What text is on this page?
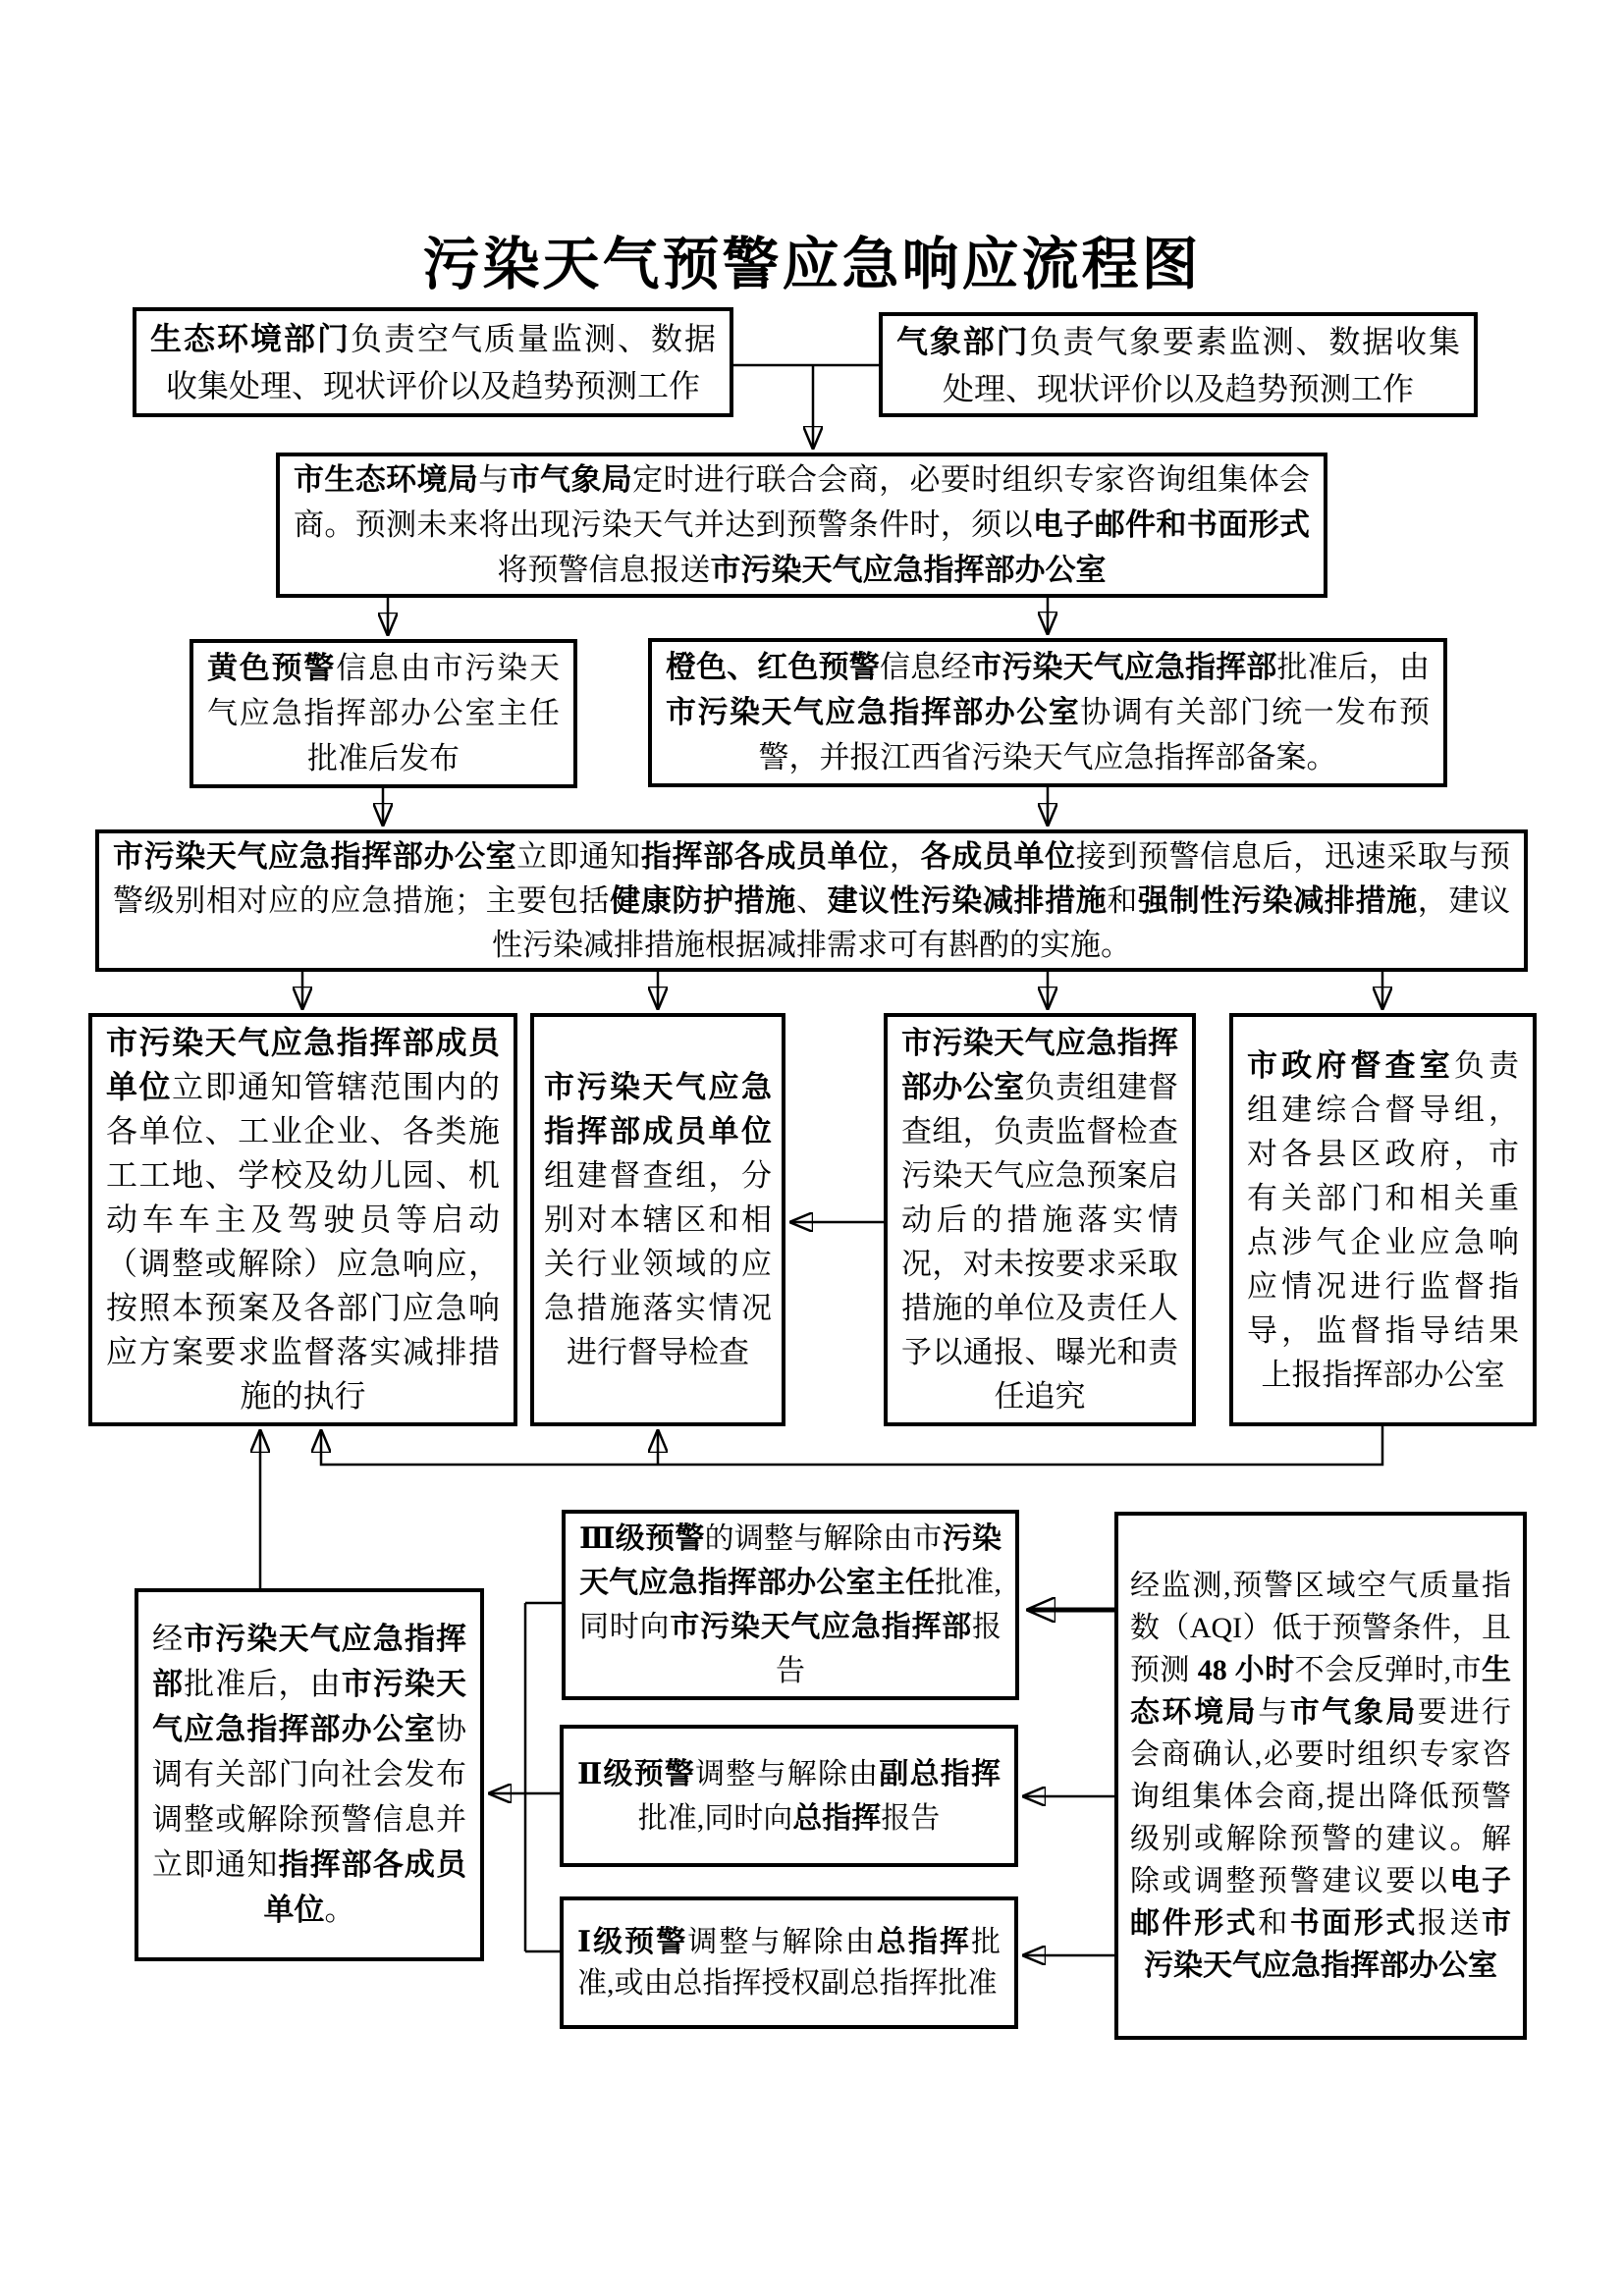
污染天气预警应急响应流程图
生态环境部门负责空气质量监测、数据收集处理、现状评价以及趋势预测工作
气象部门负责气象要素监测、数据收集处理、现状评价以及趋势预测工作
市生态环境局与市气象局定时进行联合会商，必要时组织专家咨询组集体会商。预测未来将出现污染天气并达到预警条件时，须以电子邮件和书面形式将预警信息报送市污染天气应急指挥部办公室
黄色预警信息由市污染天气应急指挥部办公室主任批准后发布
橙色、红色预警信息经市污染天气应急指挥部批准后，由市污染天气应急指挥部办公室协调有关部门统一发布预警，并报江西省污染天气应急指挥部备案。
市污染天气应急指挥部办公室立即通知指挥部各成员单位，各成员单位接到预警信息后，迅速采取与预警级别相对应的应急措施；主要包括健康防护措施、建议性污染减排措施和强制性污染减排措施，建议性污染减排措施根据减排需求可有斟酌的实施。
市污染天气应急指挥部成员单位立即通知管辖范围内的各单位、工业企业、各类施工工地、学校及幼儿园、机动车车主及驾驶员等启动（调整或解除）应急响应，按照本预案及各部门应急响应方案要求监督落实减排措施的执行
市污染天气应急指挥部成员单位组建督查组，分别对本辖区和相关行业领域的应急措施落实情况进行督导检查
市污染天气应急指挥部办公室负责组建督查组，负责监督检查污染天气应急预案启动后的措施落实情况，对未按要求采取措施的单位及责任人予以通报、曝光和责任追究
市政府督查室负责组建综合督导组，对各县区政府，市有关部门和相关重点涉气企业应急响应情况进行监督指导，监督指导结果上报指挥部办公室
经市污染天气应急指挥部批准后，由市污染天气应急指挥部办公室协调有关部门向社会发布调整或解除预警信息并立即通知指挥部各成员单位。
Ⅲ级预警的调整与解除由市污染天气应急指挥部办公室主任批准,同时向市污染天气应急指挥部报告
Ⅱ级预警调整与解除由副总指挥批准,同时向总指挥报告
Ⅰ级预警调整与解除由总指挥批准,或由总指挥授权副总指挥批准
经监测,预警区域空气质量指数（AQI）低于预警条件，且预测 48 小时不会反弹时,市生态环境局与市气象局要进行会商确认,必要时组织专家咨询组集体会商,提出降低预警级别或解除预警的建议。解除或调整预警建议要以电子邮件形式和书面形式报送市污染天气应急指挥部办公室
